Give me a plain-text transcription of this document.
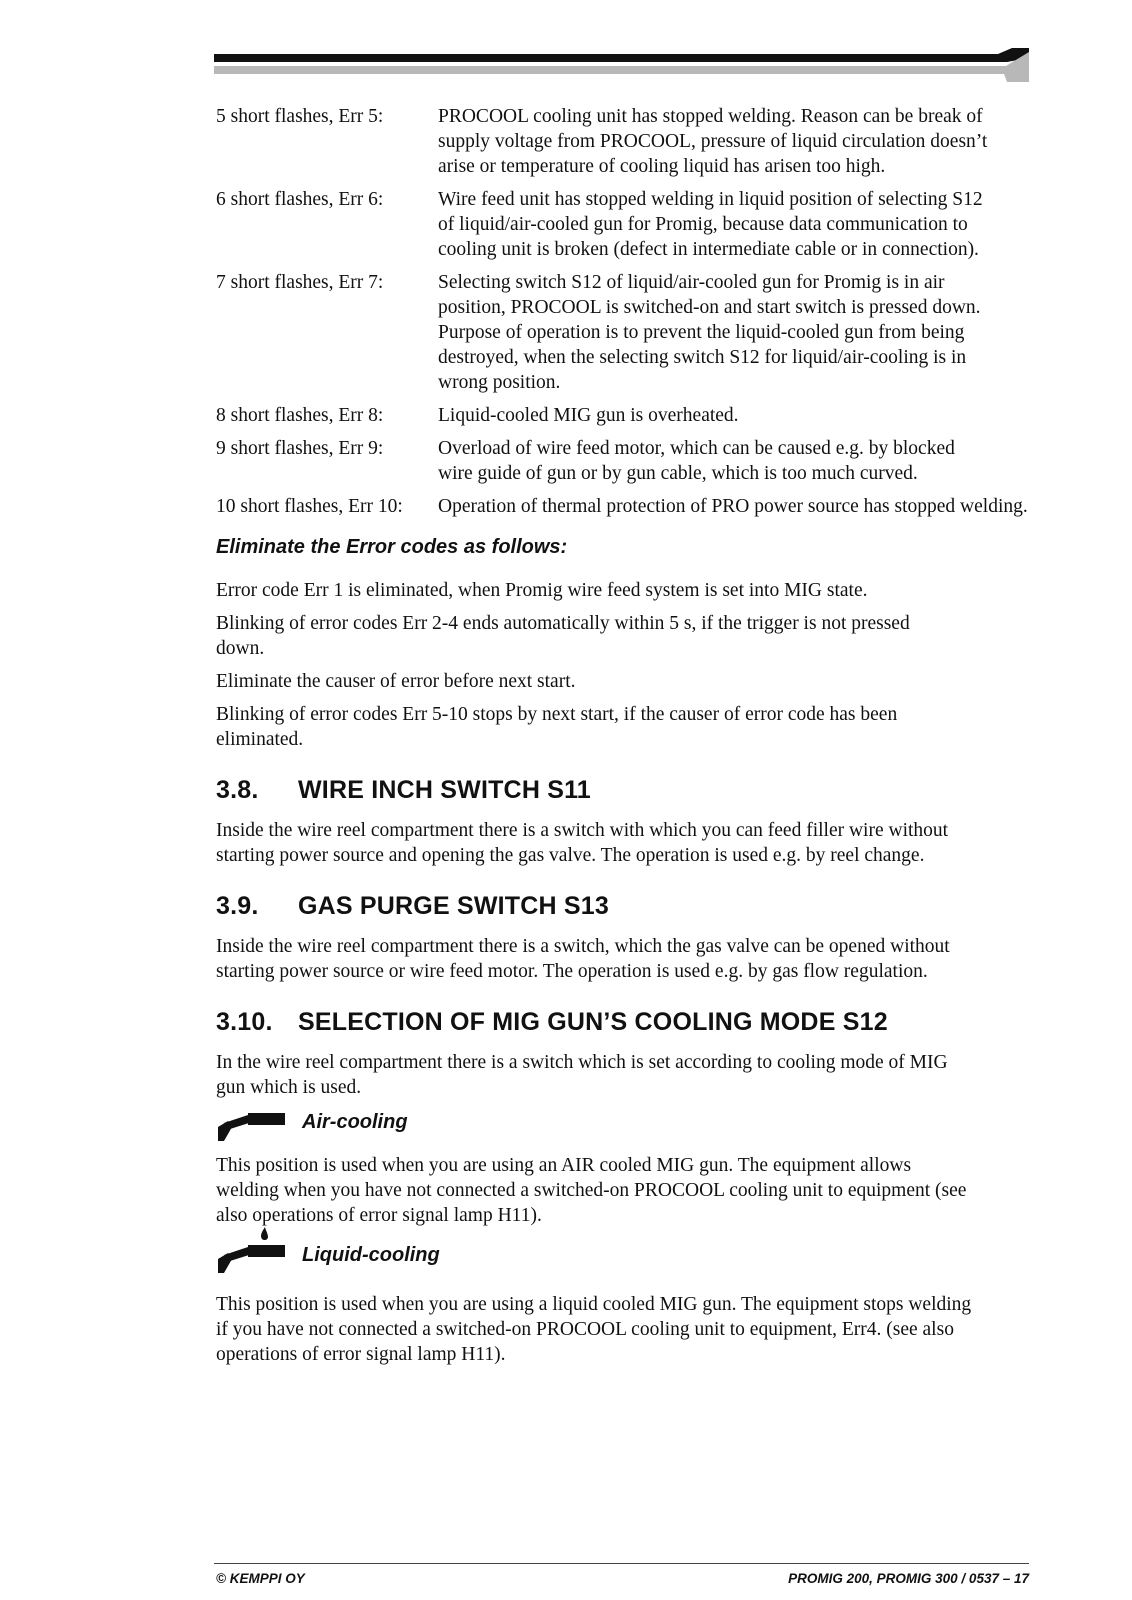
5 short flashes, Err 5:	PROCOOL cooling unit has stopped welding. Reason can be break of
supply voltage from PROCOOL, pressure of liquid circulation doesn’t
arise or temperature of cooling liquid has arisen too high.
6 short flashes, Err 6:	Wire feed unit has stopped welding in liquid position of selecting S12
of liquid/air-cooled gun for Promig, because data communication to
cooling unit is broken (defect in intermediate cable or in connection).
7 short flashes, Err 7:	Selecting switch S12 of liquid/air-cooled gun for Promig is in air
position, PROCOOL is switched-on and start switch is pressed down.
Purpose of operation is to prevent the liquid-cooled gun from being
destroyed, when the selecting switch S12 for liquid/air-cooling is in
wrong position.
8 short flashes, Err 8:	Liquid-cooled MIG gun is overheated.
9 short flashes, Err 9:	Overload of wire feed motor, which can be caused e.g. by blocked
wire guide of gun or by gun cable, which is too much curved.
10 short flashes, Err 10:	Operation of thermal protection of PRO power source has stopped welding.
Eliminate the Error codes as follows:
Error code Err 1 is eliminated, when Promig wire feed system is set into MIG state.
Blinking of error codes Err 2-4 ends automatically within 5 s, if the trigger is not pressed
down.
Eliminate the causer of error before next start.
Blinking of error codes Err 5-10 stops by next start, if the causer of error code has been
eliminated.
3.8. WIRE INCH SWITCH S11
Inside the wire reel compartment there is a switch with which you can feed filler wire without
starting power source and opening the gas valve. The operation is used e.g. by reel change.
3.9. GAS PURGE SWITCH S13
Inside the wire reel compartment there is a switch, which the gas valve can be opened without
starting power source or wire feed motor. The operation is used e.g. by gas flow regulation.
3.10. SELECTION OF MIG GUN’S COOLING MODE S12
In the wire reel compartment there is a switch which is set according to cooling mode of MIG
gun which is used.
Air-cooling
This position is used when you are using an AIR cooled MIG gun. The equipment allows
welding when you have not connected a switched-on PROCOOL cooling unit to equipment (see
also operations of error signal lamp H11).
Liquid-cooling
This position is used when you are using a liquid cooled MIG gun. The equipment stops welding
if you have not connected a switched-on PROCOOL cooling unit to equipment, Err4. (see also
operations of error signal lamp H11).
© KEMPPI OY	PROMIG 200, PROMIG 300 / 0537 – 17
